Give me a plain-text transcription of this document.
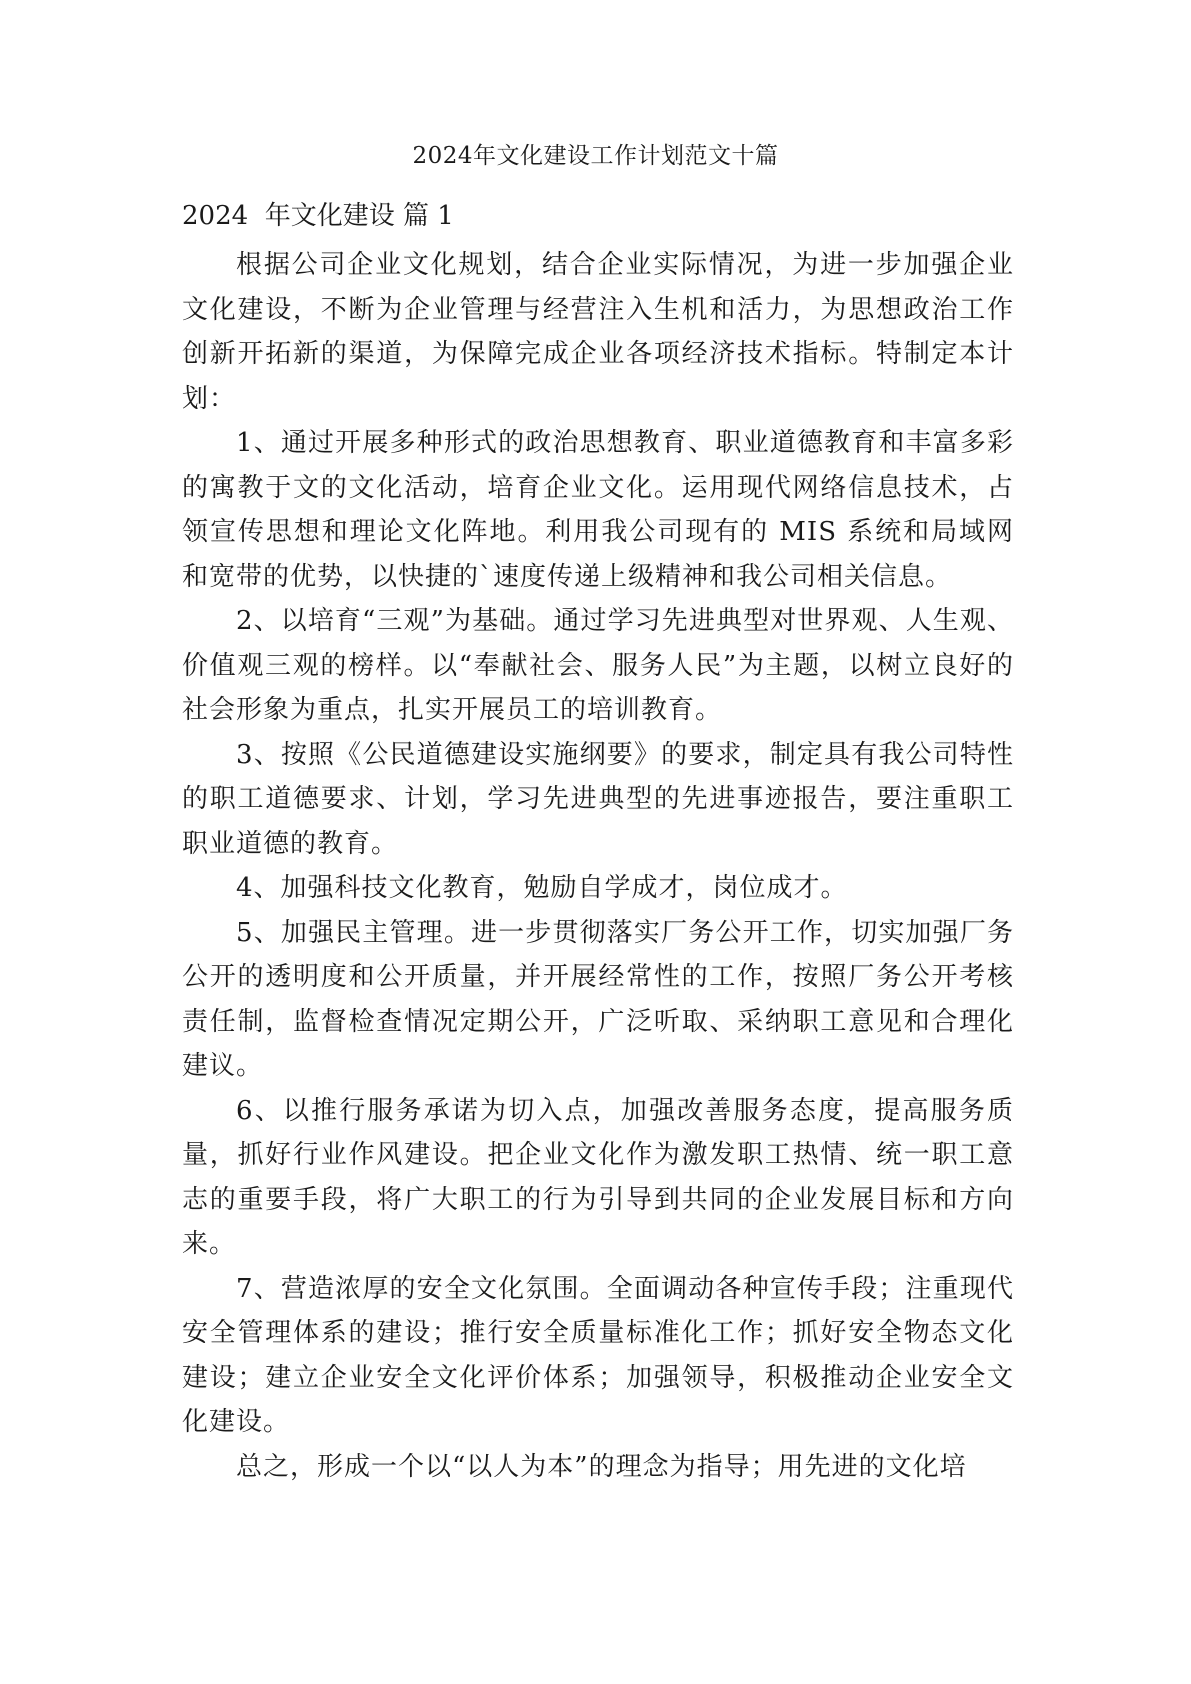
2024年文化建设工作计划范文十篇
2024  年文化建设 篇 1

根据公司企业文化规划，结合企业实际情况，为进一步加强企业文化建设，不断为企业管理与经营注入生机和活力，为思想政治工作创新开拓新的渠道，为保障完成企业各项经济技术指标。特制定本计划：

1、通过开展多种形式的政治思想教育、职业道德教育和丰富多彩的寓教于文的文化活动，培育企业文化。运用现代网络信息技术，占领宣传思想和理论文化阵地。利用我公司现有的 MIS 系统和局域网和宽带的优势，以快捷的`速度传递上级精神和我公司相关信息。

2、以培育“三观”为基础。通过学习先进典型对世界观、人生观、价值观三观的榜样。以“奉献社会、服务人民”为主题，以树立良好的社会形象为重点，扎实开展员工的培训教育。

3、按照《公民道德建设实施纲要》的要求，制定具有我公司特性的职工道德要求、计划，学习先进典型的先进事迹报告，要注重职工职业道德的教育。

4、加强科技文化教育，勉励自学成才，岗位成才。

5、加强民主管理。进一步贯彻落实厂务公开工作，切实加强厂务公开的透明度和公开质量，并开展经常性的工作，按照厂务公开考核责任制，监督检查情况定期公开，广泛听取、采纳职工意见和合理化建议。

6、以推行服务承诺为切入点，加强改善服务态度，提高服务质量，抓好行业作风建设。把企业文化作为激发职工热情、统一职工意志的重要手段，将广大职工的行为引导到共同的企业发展目标和方向来。

7、营造浓厚的安全文化氛围。全面调动各种宣传手段；注重现代安全管理体系的建设；推行安全质量标准化工作；抓好安全物态文化建设；建立企业安全文化评价体系；加强领导，积极推动企业安全文化建设。

总之，形成一个以“以人为本”的理念为指导；用先进的文化培
